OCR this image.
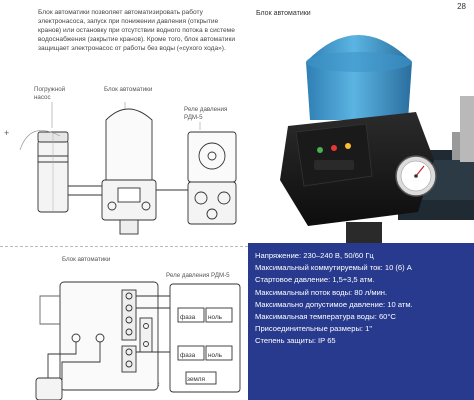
Блок автоматики позволяет автоматизировать работу электронасоса, запуск при понижении давления (открытие кранов) или остановку при отсутствии водного потока в системе водоснабжения (закрытие кранов). Кроме того, блок автоматики защищает электронасос от работы без воды («сухого хода»).
Погружной насос
Блок автоматики
Реле давления РДМ-5
+
Блок автоматики
Реле давления РДМ-5
фаза ноль
фаза ноль
земля
Блок автоматики
28
Напряжение: 230–240 В, 50/60 Гц
Максимальный коммутируемый ток: 10 (6) А
Стартовое давление: 1,5÷3,5 атм.
Максимальный поток воды: 80 л/мин.
Максимально допустимое давление: 10 атм.
Максимальная температура воды: 60°С
Присоединительные размеры: 1"
Степень защиты: IP 65
